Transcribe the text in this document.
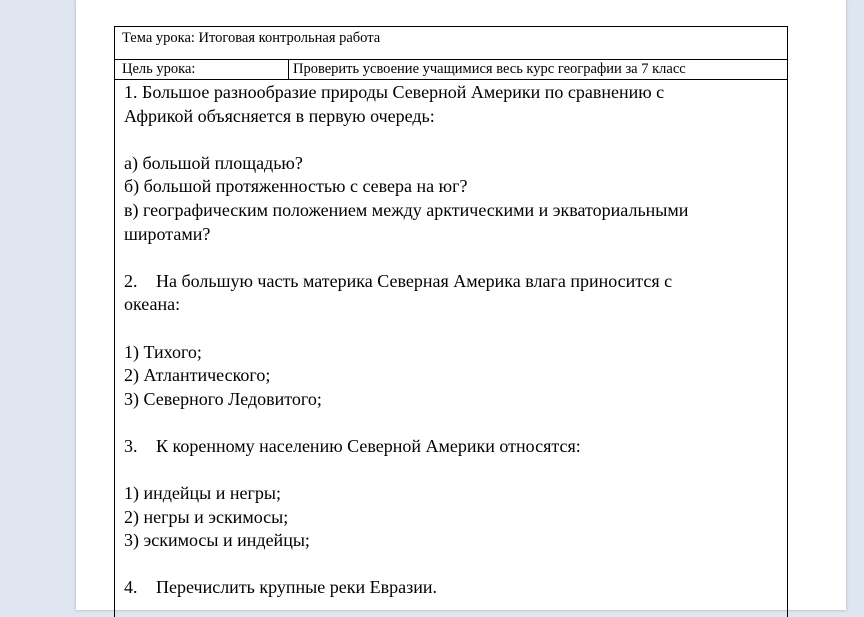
Тема урока: Итоговая контрольная работа
Цель урока:	Проверить усвоение учащимися весь курс географии за 7 класс
1. Большое разнообразие природы Северной Америки по сравнению с
Африкой объясняется в первую очередь:
а) большой площадью?
б) большой протяженностью с севера на юг?
в) географическим положением между арктическими и экваториальными
широтами?
2. На большую часть материка Северная Америка влага приносится с
океана:
1) Тихого;
2) Атлантического;
3) Северного Ледовитого;
3. К коренному населению Северной Америки относятся:
1) индейцы и негры;
2) негры и эскимосы;
3) эскимосы и индейцы;
4. Перечислить крупные реки Евразии.
